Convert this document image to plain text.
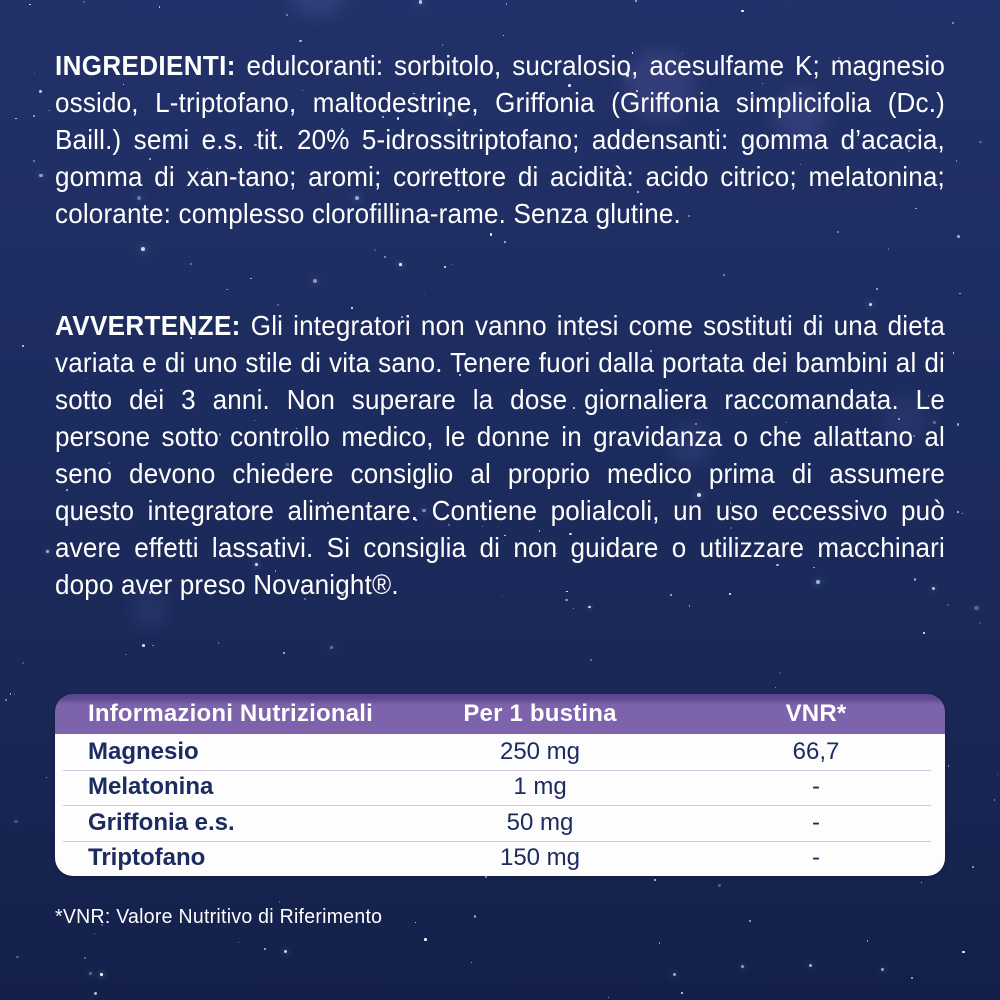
INGREDIENTI: edulcoranti: sorbitolo, sucralosio, acesulfame K; magnesio ossido, L-triptofano, maltodestrine, Griffonia (Griffonia simplicifolia (Dc.) Baill.) semi e.s. tit. 20% 5-idrossitriptofano; addensanti: gomma d’acacia, gomma di xan-tano; aromi; correttore di acidità: acido citrico; melatonina; colorante: complesso clorofillina-rame. Senza glutine.

AVVERTENZE: Gli integratori non vanno intesi come sostituti di una dieta variata e di uno stile di vita sano. Tenere fuori dalla portata dei bambini al di sotto dei 3 anni. Non superare la dose giornaliera raccomandata. Le persone sotto controllo medico, le donne in gravidanza o che allattano al seno devono chiedere consiglio al proprio medico prima di assumere questo integratore alimentare. Contiene polialcoli, un uso eccessivo può avere effetti lassativi. Si consiglia di non guidare o utilizzare macchinari dopo aver preso Novanight®.

Informazioni Nutrizionali	Per 1 bustina	VNR*
Magnesio	250 mg	66,7
Melatonina	1 mg	-
Griffonia e.s.	50 mg	-
Triptofano	150 mg	-

*VNR: Valore Nutritivo di Riferimento
